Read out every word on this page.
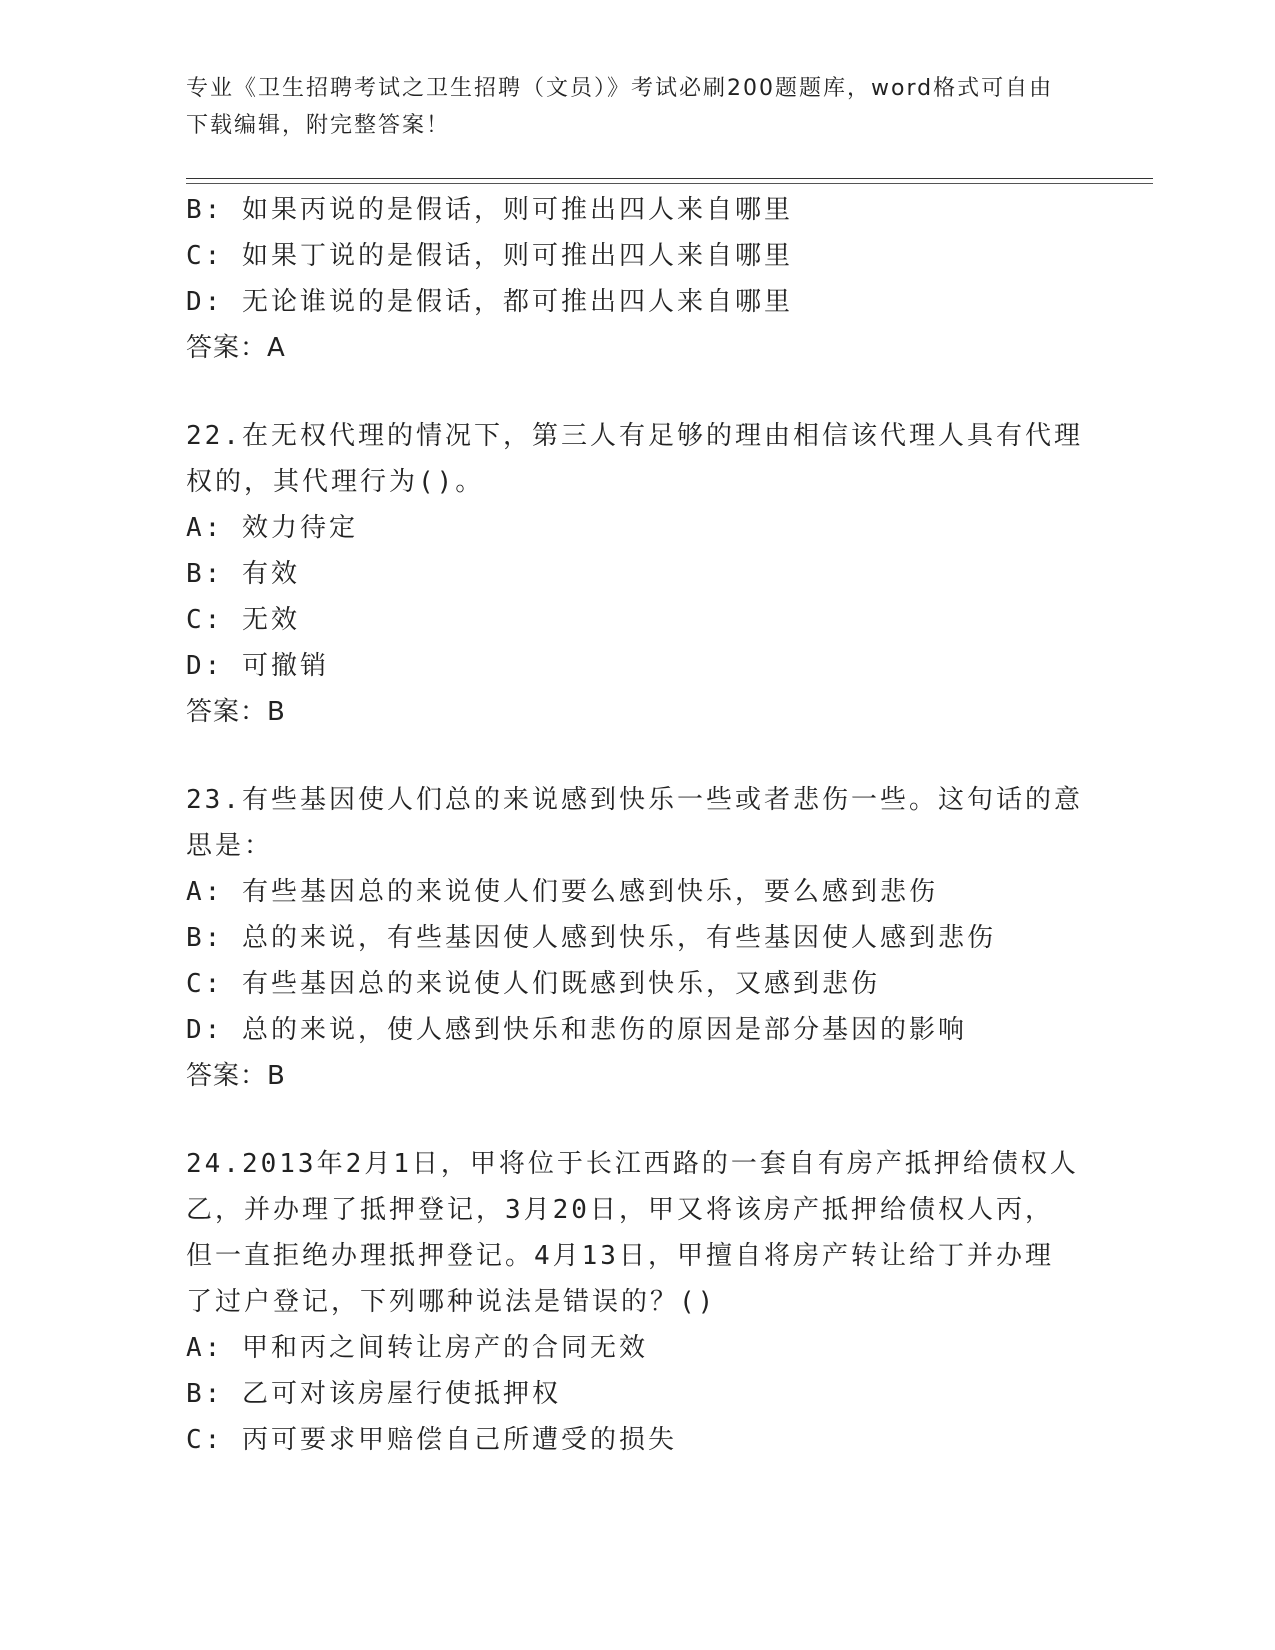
专业《卫生招聘考试之卫生招聘（文员）》考试必刷200题题库，word格式可自由下载编辑，附完整答案！
B: 如果丙说的是假话，则可推出四人来自哪里
C: 如果丁说的是假话，则可推出四人来自哪里
D: 无论谁说的是假话，都可推出四人来自哪里
答案：A
22.在无权代理的情况下，第三人有足够的理由相信该代理人具有代理
权的，其代理行为()。
A: 效力待定
B: 有效
C: 无效
D: 可撤销
答案：B
23.有些基因使人们总的来说感到快乐一些或者悲伤一些。这句话的意
思是：
A: 有些基因总的来说使人们要么感到快乐，要么感到悲伤
B: 总的来说，有些基因使人感到快乐，有些基因使人感到悲伤
C: 有些基因总的来说使人们既感到快乐，又感到悲伤
D: 总的来说，使人感到快乐和悲伤的原因是部分基因的影响
答案：B
24.2013年2月1日，甲将位于长江西路的一套自有房产抵押给债权人
乙，并办理了抵押登记，3月20日，甲又将该房产抵押给债权人丙，
但一直拒绝办理抵押登记。4月13日，甲擅自将房产转让给丁并办理
了过户登记，下列哪种说法是错误的？()
A: 甲和丙之间转让房产的合同无效
B: 乙可对该房屋行使抵押权
C: 丙可要求甲赔偿自己所遭受的损失
